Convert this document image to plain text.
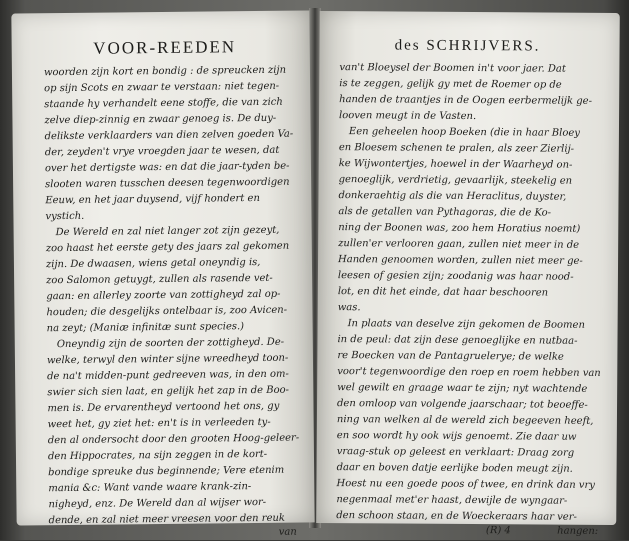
VOOR-REEDEN
woorden zijn kort en bondig : de spreucken zijn
op sijn Scots en zwaar te verstaan: niet tegen-
staande hy verhandelt eene stoffe, die van zich
zelve diep-zinnig en zwaar genoeg is. De duy-
delikste verklaarders van dien zelven goeden Va-
der, zeyden't vrye vroegden jaar te wesen, dat
over het dertigste was: en dat die jaar-tyden be-
slooten waren tusschen deesen tegenwoordigen
Eeuw, en het jaar duysend, vijf hondert en
vystich.
De Wereld en zal niet langer zot zijn gezeyt,
zoo haast het eerste gety des jaars zal gekomen
zijn. De dwaasen, wiens getal oneyndig is,
zoo Salomon getuygt, zullen als rasende vet-
gaan: en allerley zoorte van zottigheyd zal op-
houden; die desgelijks ontelbaar is, zoo Avicen-
na zeyt; (Maniæ infinitæ sunt species.)
Oneyndig zijn de soorten der zottigheyd. De-
welke, terwyl den winter sijne wreedheyd toon-
de na't midden-punt gedreeven was, in den om-
swier sich sien laat, en gelijk het zap in de Boo-
men is. De ervarentheyd vertoond het ons, gy
weet het, gy ziet het: en't is in verleeden ty-
den al ondersocht door den grooten Hoog-geleer-
den Hippocrates, na sijn zeggen in de kort-
bondige spreuke dus beginnende; Vere etenim
mania &c: Want vande waare krank-zin-
nigheyd, enz. De Wereld dan al wijser wor-
dende, en zal niet meer vreesen voor den reuk
van
des SCHRIJVERS.
van't Bloeysel der Boomen in't voor jaer. Dat
is te zeggen, gelijk gy met de Roemer op de
handen de traantjes in de Oogen eerbermelijk ge-
looven meugt in de Vasten.
Een geheelen hoop Boeken (die in haar Bloey
en Bloesem schenen te pralen, als zeer Zierlij-
ke Wijwontertjes, hoewel in der Waarheyd on-
genoeglijk, verdrietig, gevaarlijk, steekelig en
donkeraehtig als die van Heraclitus, duyster,
als de getallen van Pythagoras, die de Ko-
ning der Boonen was, zoo hem Horatius noemt)
zullen'er verlooren gaan, zullen niet meer in de
Handen genoomen worden, zullen niet meer ge-
leesen of gesien zijn; zoodanig was haar nood-
lot, en dit het einde, dat haar beschooren
was.
In plaats van deselve zijn gekomen de Boomen
in de peul: dat zijn dese genoeglijke en nutbaa-
re Boecken van de Pantagruelerye; de welke
voor't tegenwoordige den roep en roem hebben van
wel gewilt en graage waar te zijn; nyt wachtende
den omloop van volgende jaarschaar; tot beoeffe-
ning van welken al de wereld zich begeeven heeft,
en soo wordt hy ook wijs genoemt. Zie daar uw
vraag-stuk op geleest en verklaart: Draag zorg
daar en boven datje eerlijke boden meugt zijn.
Hoest nu een goede poos of twee, en drink dan vry
negenmaal met'er haast, dewijle de wyngaar-
den schoon staan, en de Woeckeraars haar ver-
(R) 4	hangen:
